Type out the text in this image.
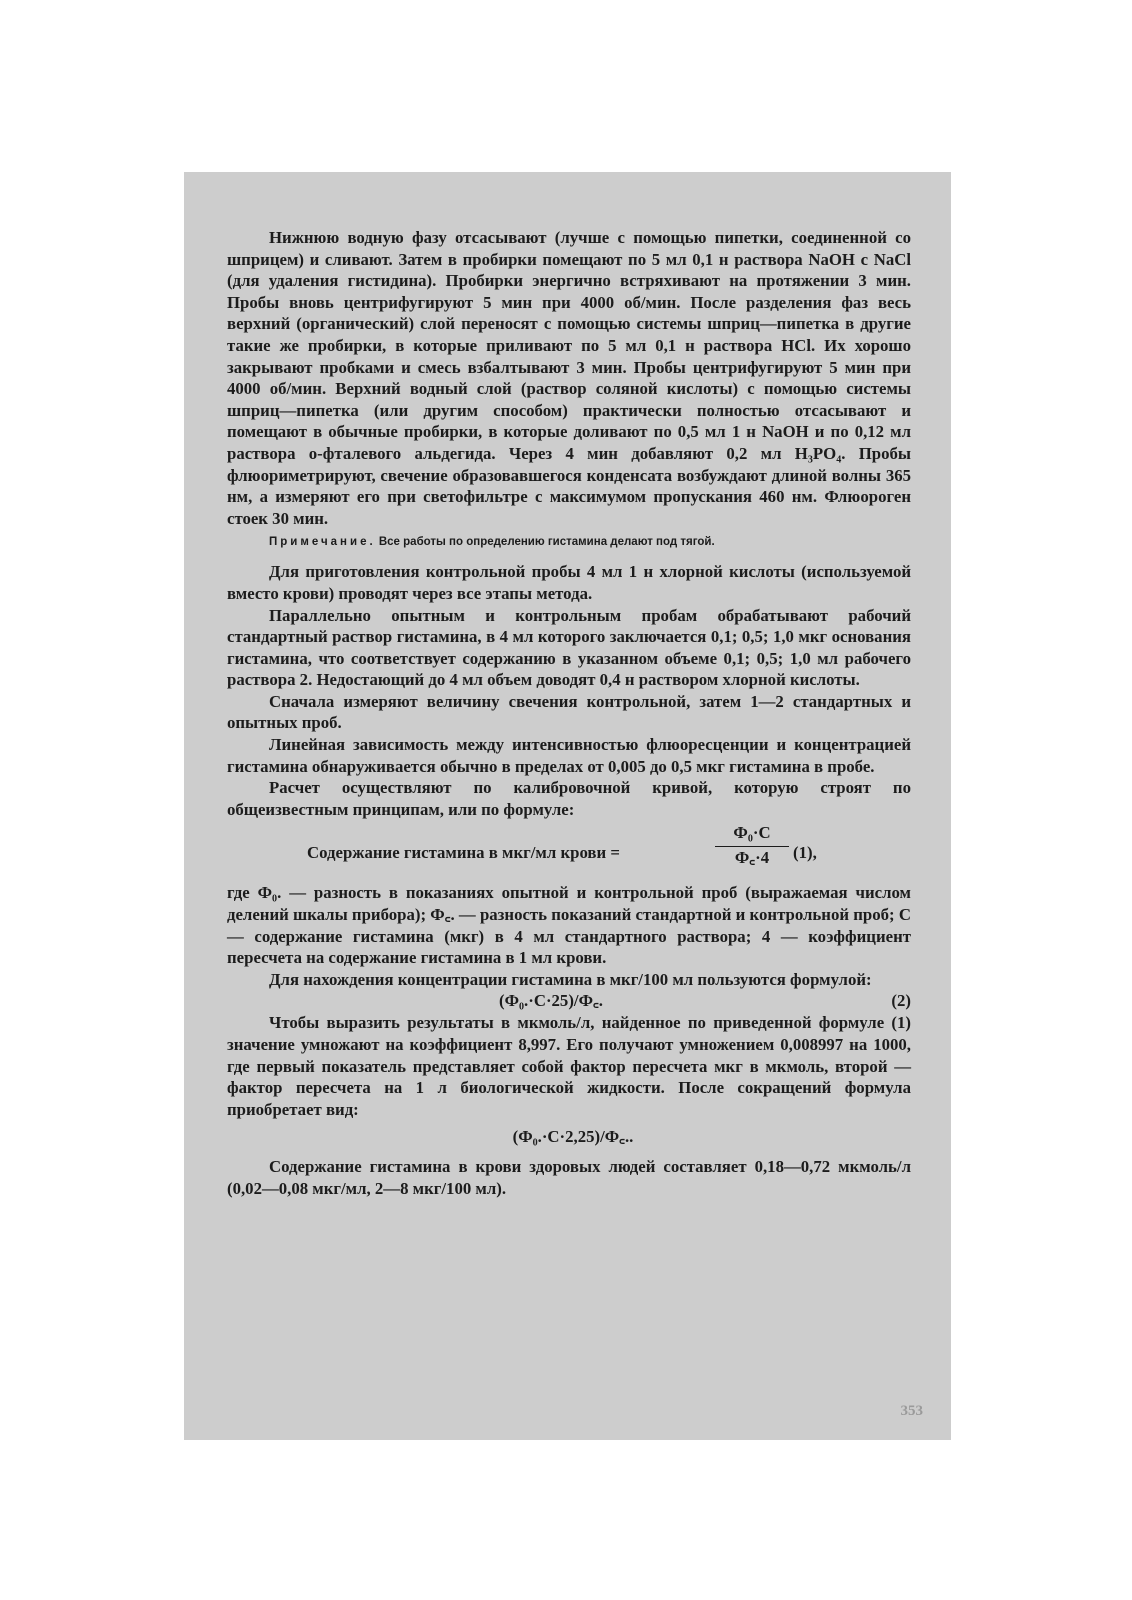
Нижнюю водную фазу отсасывают (лучше с помощью пипетки, соединенной со шприцем) и сливают. Затем в пробирки помещают по 5 мл 0,1 н раствора NaOH с NaCl (для удаления гистидина). Пробирки энергично встряхивают на протяжении 3 мин. Пробы вновь центрифугируют 5 мин при 4000 об/мин. После разделения фаз весь верхний (органический) слой переносят с помощью системы шприц—пипетка в другие такие же пробирки, в которые приливают по 5 мл 0,1 н раствора HCl. Их хорошо закрывают пробками и смесь взбалтывают 3 мин. Пробы центрифугируют 5 мин при 4000 об/мин. Верхний водный слой (раствор соляной кислоты) с помощью системы шприц—пипетка (или другим способом) практически полностью отсасывают и помещают в обычные пробирки, в которые доливают по 0,5 мл 1 н NaOH и по 0,12 мл раствора о-фталевого альдегида. Через 4 мин добавляют 0,2 мл H₃PO₄. Пробы флюориметрируют, свечение образовавшегося конденсата возбуждают длиной волны 365 нм, а измеряют его при светофильтре с максимумом пропускания 460 нм. Флюороген стоек 30 мин.

Примечание. Все работы по определению гистамина делают под тягой.

Для приготовления контрольной пробы 4 мл 1 н хлорной кислоты (используемой вместо крови) проводят через все этапы метода.

Параллельно опытным и контрольным пробам обрабатывают рабочий стандартный раствор гистамина, в 4 мл которого заключается 0,1; 0,5; 1,0 мкг основания гистамина, что соответствует содержанию в указанном объеме 0,1; 0,5; 1,0 мл рабочего раствора 2. Недостающий до 4 мл объем доводят 0,4 н раствором хлорной кислоты.

Сначала измеряют величину свечения контрольной, затем 1—2 стандартных и опытных проб.

Линейная зависимость между интенсивностью флюоресценции и концентрацией гистамина обнаруживается обычно в пределах от 0,005 до 0,5 мкг гистамина в пробе.

Расчет осуществляют по калибровочной кривой, которую строят по общеизвестным принципам, или по формуле:

Содержание гистамина в мкг/мл крови =
Ф₀·С
Ф꜀·4	(1),

где Ф₀. — разность в показаниях опытной и контрольной проб (выражаемая числом делений шкалы прибора); Ф꜀. — разность показаний стандартной и контрольной проб; С — содержание гистамина (мкг) в 4 мл стандартного раствора; 4 — коэффициент пересчета на содержание гистамина в 1 мл крови.

Для нахождения концентрации гистамина в мкг/100 мл пользуются формулой:

(Ф₀.·С·25)/Ф꜀.	(2)

Чтобы выразить результаты в мкмоль/л, найденное по приведенной формуле (1) значение умножают на коэффициент 8,997. Его получают умножением 0,008997 на 1000, где первый показатель представляет собой фактор пересчета мкг в мкмоль, второй — фактор пересчета на 1 л биологической жидкости. После сокращений формула приобретает вид:

(Ф₀.·С·2,25)/Ф꜀..

Содержание гистамина в крови здоровых людей составляет 0,18—0,72 мкмоль/л (0,02—0,08 мкг/мл, 2—8 мкг/100 мл).

353
